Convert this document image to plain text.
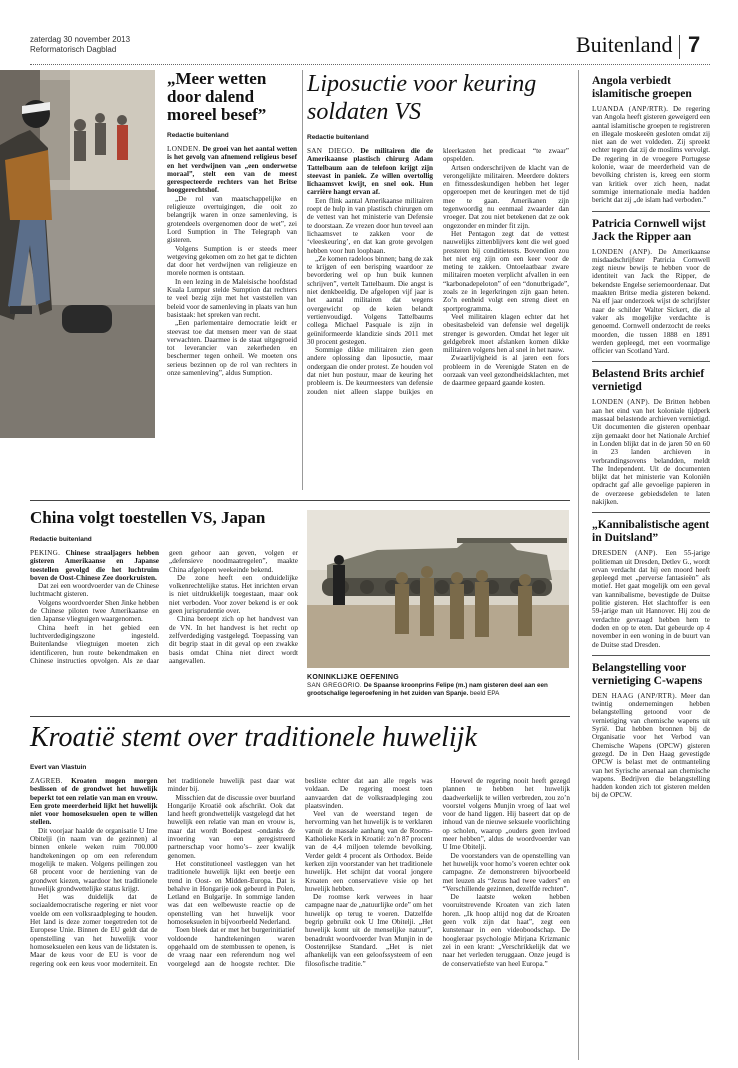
zaterdag 30 november 2013
Reformatorisch Dagblad	Buitenland 7
„Meer wetten door dalend moreel besef”
Redactie buitenland

LONDEN. De groei van het aantal wetten is het gevolg van afnemend religieus besef en het verdwijnen van „een onderwetse moraal”, stelt een van de meest gerespecteerde rechters van het Britse hooggerechtshof.

„De rol van maatschappelijke en religieuze overtuigingen, die ooit zo belangrijk waren in onze samenleving, is grotendeels overgenomen door de wet”, zei Lord Sumption in The Telegraph van gisteren.

Volgens Sumption is er steeds meer wetgeving gekomen om zo het gat te dichten dat door het verdwijnen van religieuze en morele normen is ontstaan.

In een lezing in de Maleisische hoofdstad Kuala Lumpur stelde Sumption dat rechters te veel bezig zijn met het vaststellen van beleid voor de samenleving in plaats van hun basistaak: het spreken van recht.

„Een parlementaire democratie leidt er steevast toe dat mensen meer van de staat verwachten. Daarmee is de staat uitgegroeid tot leverancier van zekerheden en beschermer tegen onheil. We moeten ons serieus bezinnen op de rol van rechters in onze samenleving”, aldus Sumption.

Liposuctie voor keuring soldaten VS
Redactie buitenland

SAN DIEGO. De militairen die de Amerikaanse plastisch chirurg Adam Tattelbaum aan de telefoon krijgt zijn steevast in paniek. Ze willen overtollig lichaamsvet kwijt, en snel ook. Hun carrière hangt ervan af.

Een flink aantal Amerikaanse militairen roept de hulp in van plastisch chirurgen om de vettest van het ministerie van Defensie te doorstaan. Ze vrezen door hun teveel aan lichaamsvet te zakken voor de ‘vleeskeuring’, en dat kan grote gevolgen hebben voor hun loopbaan.

„Ze komen radeloos binnen; bang de zak te krijgen of een berisping waardoor ze bevordering wel op hun buik kunnen schrijven”, vertelt Tattelbaum. Die angst is niet denkbeeldig. De afgelopen vijf jaar is het aantal militairen dat wegens overgewicht op de keien belandt vertienvoudigd. Volgens Tattelbaums collega Michael Pasquale is zijn in geüniformeerde klandizie sinds 2011 met 30 procent gestegen.

Sommige dikke militairen zien geen andere oplossing dan liposuctie, maar ondergaan die onder protest. Ze houden vol dat niet hun postuur, maar de keuring het probleem is. De keurmeesters van defensie zouden niet alleen slappe buikjes en kleerkasten het predicaat “te zwaar” opspelden.

Artsen onderschrijven de klacht van de verongelijkte militairen. Meerdere dokters en fitnessdeskundigen hebben het leger opgeroepen met de keuringen met de tijd mee te gaan. Amerikanen zijn tegenwoordig nu eenmaal zwaarder dan vroeger. Dat zou niet betekenen dat ze ook ongezonder en minder fit zijn.

Het Pentagon zegt dat de vettest nauwelijks zittenblijvers kent die wel goed presteren bij conditietests. Bovendien zou het niet erg zijn om een keer voor de meting te zakken. Ontoelaatbaar zware militairen moeten verplicht afvallen in een “karbonadepeloton” of een “donutbrigade”, zoals ze in legerkringen zijn gaan heten. Zo’n eenheid volgt een streng dieet en sportprogramma.

Veel militairen klagen echter dat het obesitasbeleid van defensie wel degelijk strenger is geworden. Omdat het leger uit geldgebrek moet afslanken komen dikke militairen volgens hen al snel in het nauw.

Zwaarlijvigheid is al jaren een fors probleem in de Verenigde Staten en de oorzaak van veel gezondheidsklachten, met de daarmee gepaard gaande kosten.

China volgt toestellen VS, Japan
Redactie buitenland

PEKING. Chinese straaljagers hebben gisteren Amerikaanse en Japanse toestellen gevolgd die het luchtruim boven de Oost-Chinese Zee doorkruisten.

Dat zei een woordvoerder van de Chinese luchtmacht gisteren.

Volgens woordvoerder Shen Jinke hebben de Chinese piloten twee Amerikaanse en tien Japanse vliegtuigen waargenomen.

China heeft in het gebied een luchtverdedigingszone ingesteld. Buitenlandse vliegtuigen moeten zich identificeren, hun route bekendmaken en Chinese instructies opvolgen. Als ze daar geen gehoor aan geven, volgen er „defensieve noodmaatregelen”, maakte China afgelopen weekeinde bekend.

De zone heeft een onduidelijke volkenrechtelijke status. Het inrichten ervan is niet uitdrukkelijk toegestaan, maar ook niet verboden. Voor zover bekend is er ook geen jurisprudentie over.

China beroept zich op het handvest van de VN. In het handvest is het recht op zelfverdediging vastgelegd. Toepassing van dit begrip staat in dit geval op een zwakke basis omdat China niet direct wordt aangevallen.

KONINKLIJKE OEFENING
SAN GREGORIO. De Spaanse kroonprins Felipe (m.) nam gisteren deel aan een grootschalige legeroefening in het zuiden van Spanje. beeld EPA
Kroatië stemt over traditionele huwelijk
Evert van Vlastuin

ZAGREB. Kroaten mogen morgen beslissen of de grondwet het huwelijk beperkt tot een relatie van man en vrouw. Een grote meerderheid lijkt het huwelijk niet voor homoseksuelen open te willen stellen.

Dit voorjaar haalde de organisatie U Ime Obitelji (in naam van de gezinnen) al binnen enkele weken ruim 700.000 handtekeningen op om een referendum mogelijk te maken. Volgens peilingen zou 68 procent voor de herziening van de grondwet kiezen, waardoor het traditionele huwelijk grondwettelijke status krijgt.

Het was duidelijk dat de sociaaldemocratische regering er niet voor voelde om een volksraadpleging te houden. Het land is deze zomer toegetreden tot de Europese Unie. Binnen de EU geldt dat de openstelling van het huwelijk voor homoseksuelen een keus van de lidstaten is. Maar de keus voor de EU is voor de regering ook een keus voor moderniteit. En het traditionele huwelijk past daar wat minder bij.

Misschien dat de discussie over buurland Hongarije Kroatië ook afschrikt. Ook dat land heeft grondwettelijk vastgelegd dat het huwelijk een relatie van man en vrouw is, maar dat wordt Boedapest -ondanks de invoering van een geregistreerd partnerschap voor homo’s– zeer kwalijk genomen.

Het constitutioneel vastleggen van het traditionele huwelijk lijkt een beetje een trend in Oost- en Midden-Europa. Dat is behalve in Hongarije ook gebeurd in Polen, Letland en Bulgarije. In sommige landen was dat een welbewuste reactie op de openstelling van het huwelijk voor homoseksuelen in bijvoorbeeld Nederland.

Toen bleek dat er met het burgerinitiatief voldoende handtekeningen waren opgehaald om de stembussen te openen, is de vraag naar een referendum nog wel voorgelegd aan de hoogste rechter. Die besliste echter dat aan alle regels was voldaan. De regering moest toen aanvaarden dat de volksraadpleging zou plaatsvinden.

Veel van de weerstand tegen de hervorming van het huwelijk is te verklaren vanuit de massale aanhang van de Rooms-Katholieke Kerk in Kroatië: zo’n 87 procent van de 4,4 miljoen telemde bevolking. Verder geldt 4 procent als Orthodox. Beide kerken zijn voorstander van het traditionele huwelijk. Het schijnt dat vooral jongere Kroaten een conservatieve visie op het huwelijk hebben.

De roomse kerk verwees in haar campagne naar de „natuurlijke orde” om het huwelijk op terug te voeren. Datzelfde begrip gebruikt ook U Ime Obitelji. „Het huwelijk komt uit de menselijke natuur”, benadrukt woordvoerder Ivan Munjin in de Oostenrijkse Standard. „Het is niet afhankelijk van een geloofssysteem of een filosofische traditie.”

Hoewel de regering nooit heeft gezegd plannen te hebben het huwelijk daadwerkelijk te willen verbreden, zou zo’n voorstel volgens Munjin vroeg of laat wel voor de hand liggen. Hij baseert dat op de inhoud van de nieuwe seksuele voorlichting op scholen, waarop „ouders geen invloed meer hebben”, aldus de woordvoerder van U Ime Obitelji.

De voorstanders van de openstelling van het huwelijk voor homo’s voeren echter ook campagne. Ze demonstreren bijvoorbeeld met leuzen als “Jezus had twee vaders” en “Verschillende gezinnen, dezelfde rechten”.

De laatste weken hebben vooruitstrevende Kroaten van zich laten horen. „Ik hoop altijd nog dat de Kroaten geen volk zijn dat haat”, zegt een kunstenaar in een videoboodschap. De hoogleraar psychologie Mirjana Krizmanic zei in een krant: „Verschrikkelijk dat we naar het verleden teruggaan. Onze jeugd is de conservatiefste van heel Europa.”

Angola verbiedt islamitische groepen

LUANDA (ANP/RTR). De regering van Angola heeft gisteren geweigerd een aantal islamitische groepen te registreren en illegale moskeeën gesloten omdat zij niet aan de wet voldeden. Zij spreekt echter tegen dat zij de moslims vervolgt. De regering in de vroegere Portugese kolonie, waar de meerderheid van de bevolking christen is, kreeg een storm van kritiek over zich heen, nadat sommige internationale media hadden bericht dat zij „de islam had verboden.”

Patricia Cornwell wijst Jack the Ripper aan

LONDEN (ANP). De Amerikaanse misdaadschrijfster Patricia Cornwell zegt nieuw bewijs te hebben voor de identiteit van Jack the Ripper, de bekendste Engelse seriemoordenaar. Dat maakten Britse media gisteren bekend. Na elf jaar onderzoek wijst de schrijfster naar de schilder Walter Sickert, die al vaker als mogelijke verdachte is genoemd. Cornwell onderzocht de reeks moorden, die tussen 1888 en 1891 werden gepleegd, met een voormalige officier van Scotland Yard.

Belastend Brits archief vernietigd

LONDEN (ANP). De Britten hebben aan het eind van het koloniale tijdperk massaal belastende archieven vernietigd. Uit documenten die gisteren openbaar zijn gemaakt door het Nationale Archief in Londen blijkt dat in de jaren 50 en 60 in 23 landen archieven in verbrandingsovens belandden, meldt The Independent. Uit de documenten blijkt dat het ministerie van Koloniën opdracht gaf alle gevoelige papieren in de overzeese gebiedsdelen te laten nakijken.

„Kannibalistische agent in Duitsland”

DRESDEN (ANP). Een 55-jarige politieman uit Dresden, Detlev G., wordt ervan verdacht dat hij een moord heeft gepleegd met „perverse fantasieën” als motief. Het gaat mogelijk om een geval van kannibalisme, bevestigde de Duitse politie gisteren. Het slachtoffer is een 59-jarige man uit Hannover. Hij zou de verdachte gevraagd hebben hem te doden en op te eten. Dat gebeurde op 4 november in een woning in de buurt van de Duitse stad Dresden.

Belangstelling voor vernietiging C-wapens

DEN HAAG (ANP/RTR). Meer dan twintig ondernemingen hebben belangstelling getoond voor de vernietiging van chemische wapens uit Syrië. Dat hebben bronnen bij de Organisatie voor het Verbod van Chemische Wapens (OPCW) gisteren gezegd. De in Den Haag gevestigde OPCW is belast met de ontmanteling van het Syrische arsenaal aan chemische wapens. Bedrijven die belangstelling hadden konden zich tot gisteren melden bij de OPCW.
